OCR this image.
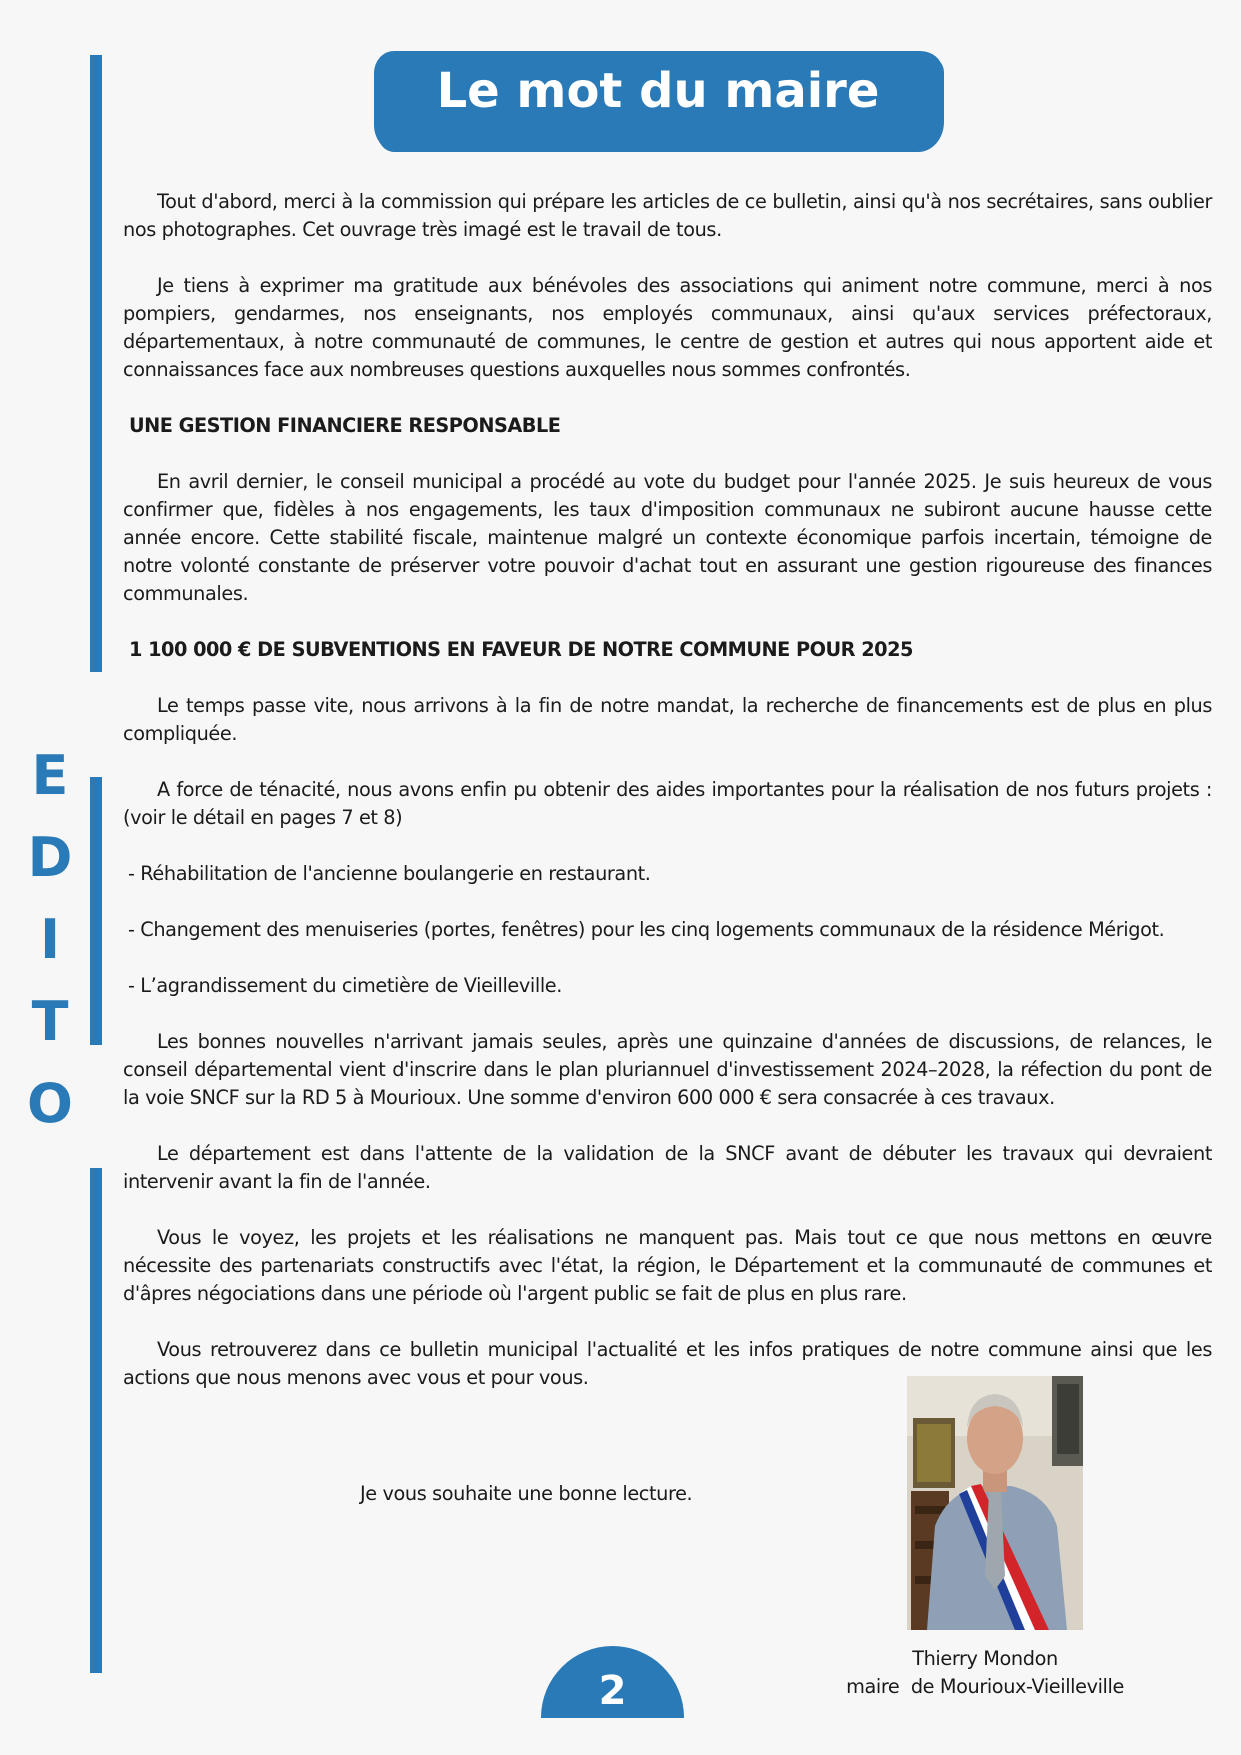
E
D
I
T
O
Le mot du maire

Tout d'abord, merci à la commission qui prépare les articles de ce bulletin, ainsi qu'à nos secrétaires, sans oublier nos photographes. Cet ouvrage très imagé est le travail de tous.

Je tiens à exprimer ma gratitude aux bénévoles des associations qui animent notre commune, merci à nos pompiers, gendarmes, nos enseignants, nos employés communaux, ainsi qu'aux services préfectoraux, départementaux, à notre communauté de communes, le centre de gestion et autres qui nous apportent aide et connaissances face aux nombreuses questions auxquelles nous sommes confrontés.

UNE GESTION FINANCIERE RESPONSABLE

En avril dernier, le conseil municipal a procédé au vote du budget pour l'année 2025. Je suis heureux de vous confirmer que, fidèles à nos engagements, les taux d'imposition communaux ne subiront aucune hausse cette année encore. Cette stabilité fiscale, maintenue malgré un contexte économique parfois incertain, témoigne de notre volonté constante de préserver votre pouvoir d'achat tout en assurant une gestion rigoureuse des finances communales.

1 100 000 € DE SUBVENTIONS EN FAVEUR DE NOTRE COMMUNE POUR 2025

Le temps passe vite, nous arrivons à la fin de notre mandat, la recherche de financements est de plus en plus compliquée.

A force de ténacité, nous avons enfin pu obtenir des aides importantes pour la réalisation de nos futurs projets : (voir le détail en pages 7 et 8)

- Réhabilitation de l'ancienne boulangerie en restaurant.

- Changement des menuiseries (portes, fenêtres) pour les cinq logements communaux de la résidence Mérigot.

- L’agrandissement du cimetière de Vieilleville.

Les bonnes nouvelles n'arrivant jamais seules, après une quinzaine d'années de discussions, de relances, le conseil départemental vient d'inscrire dans le plan pluriannuel d'investissement 2024–2028, la réfection du pont de la voie SNCF sur la RD 5 à Mourioux. Une somme d'environ 600 000 € sera consacrée à ces travaux.

Le département est dans l'attente de la validation de la SNCF avant de débuter les travaux qui devraient intervenir avant la fin de l'année.

Vous le voyez, les projets et les réalisations ne manquent pas. Mais tout ce que nous mettons en œuvre nécessite des partenariats constructifs avec l'état, la région, le Département et la communauté de communes et d'âpres négociations dans une période où l'argent public se fait de plus en plus rare.

Vous retrouverez dans ce bulletin municipal l'actualité et les infos pratiques de notre commune ainsi que les actions que nous menons avec vous et pour vous.

Je vous souhaite une bonne lecture.
Thierry Mondon
maire  de Mourioux-Vieilleville
2
